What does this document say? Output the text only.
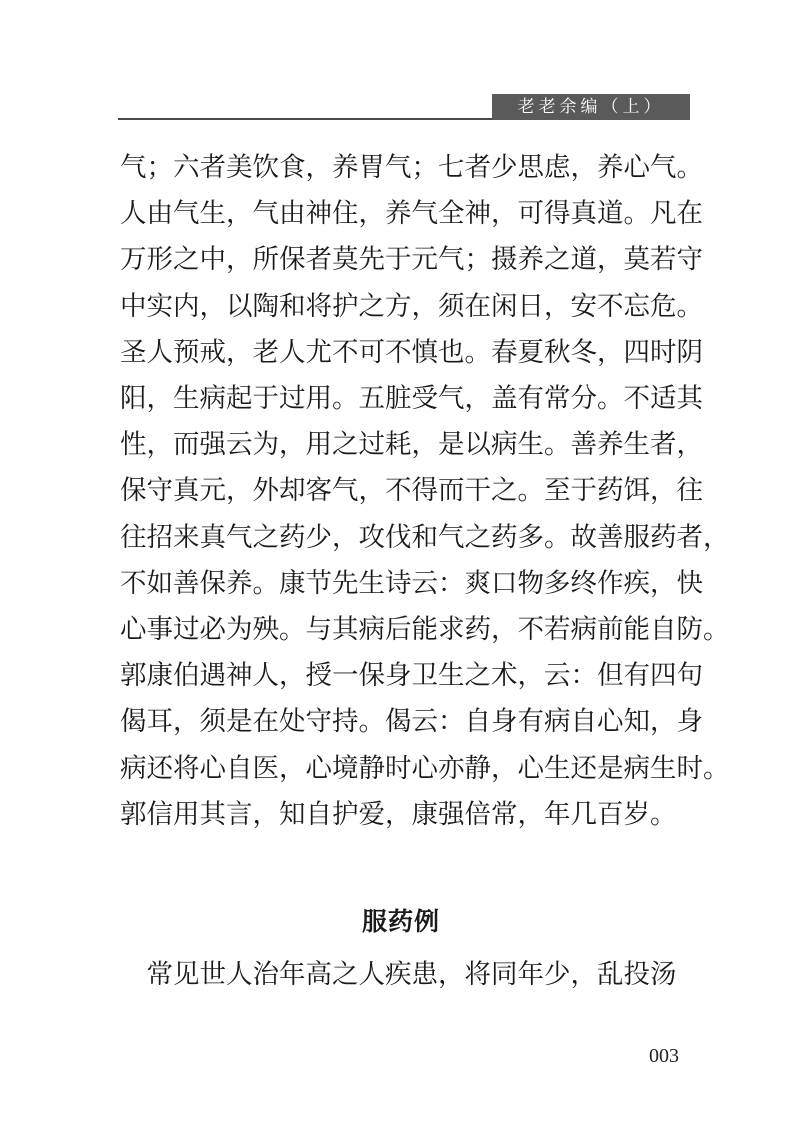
老老余编（上）
气；六者美饮食，养胃气；七者少思虑，养心气。
人由气生，气由神住，养气全神，可得真道。凡在
万形之中，所保者莫先于元气；摄养之道，莫若守
中实内，以陶和将护之方，须在闲日，安不忘危。
圣人预戒，老人尤不可不慎也。春夏秋冬，四时阴
阳，生病起于过用。五脏受气，盖有常分。不适其
性，而强云为，用之过耗，是以病生。善养生者，
保守真元，外却客气，不得而干之。至于药饵，往
往招来真气之药少，攻伐和气之药多。故善服药者，
不如善保养。康节先生诗云：爽口物多终作疾，快
心事过必为殃。与其病后能求药，不若病前能自防。
郭康伯遇神人，授一保身卫生之术，云：但有四句
偈耳，须是在处守持。偈云：自身有病自心知，身
病还将心自医，心境静时心亦静，心生还是病生时。
郭信用其言，知自护爱，康强倍常，年几百岁。
服药例

　常见世人治年高之人疾患，将同年少，乱投汤

003
